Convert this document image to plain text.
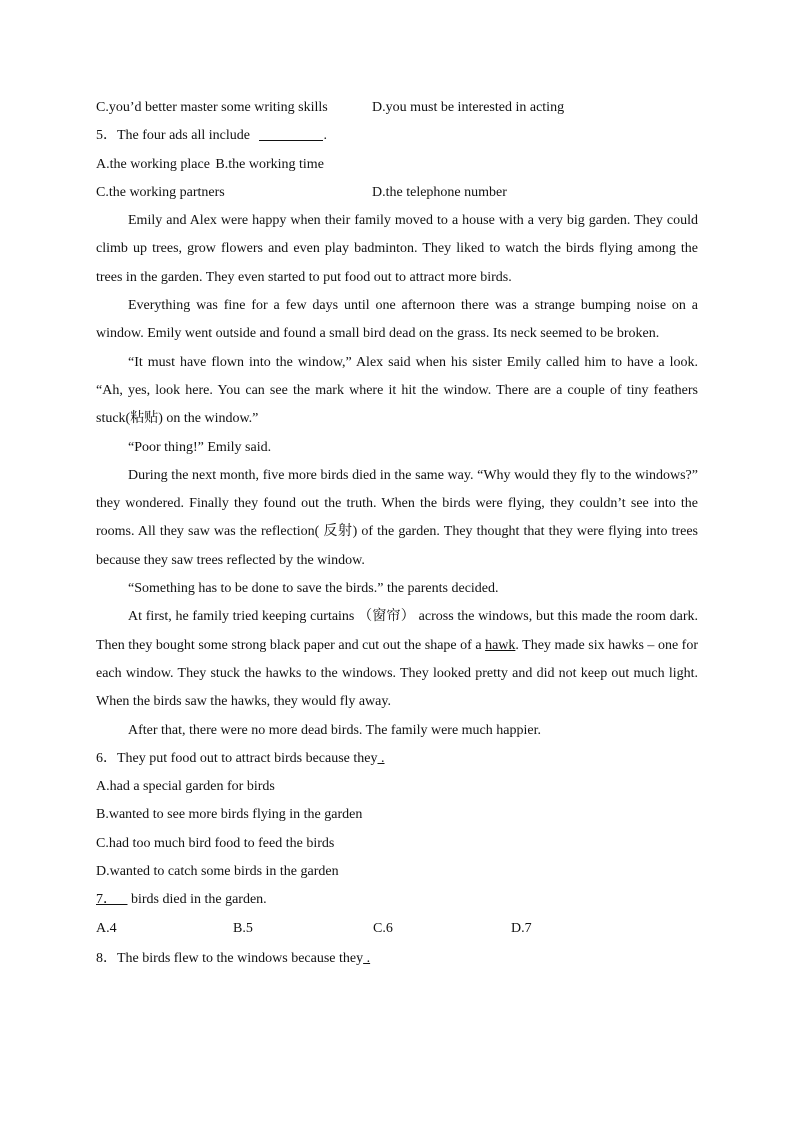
C.you’d better master some writing skills	D.you must be interested in acting
5．The four ads all include	.
A.the working place B.the working time
C.the working partners	D.the telephone number
Emily and Alex were happy when their family moved to a house with a very big garden. They could climb up trees, grow flowers and even play badminton. They liked to watch the birds flying among the trees in the garden. They even started to put food out to attract more birds.
Everything was fine for a few days until one afternoon there was a strange bumping noise on a window. Emily went outside and found a small bird dead on the grass. Its neck seemed to be broken.
“It must have flown into the window,” Alex said when his sister Emily called him to have a look. “Ah, yes, look here. You can see the mark where it hit the window. There are a couple of tiny feathers stuck(粘贴) on the window.”
“Poor thing!” Emily said.
During the next month, five more birds died in the same way. “Why would they fly to the windows?” they wondered. Finally they found out the truth. When the birds were flying, they couldn’t see into the rooms. All they saw was the reflection( 反射) of the garden. They thought that they were flying into trees because they saw trees reflected by the window.
“Something has to be done to save the birds.” the parents decided.
At first, he family tried keeping curtains （窗帘） across the windows, but this made the room dark. Then they bought some strong black paper and cut out the shape of a hawk. They made six hawks – one for each window. They stuck the hawks to the windows. They looked pretty and did not keep out much light. When the birds saw the hawks, they would fly away.
After that, there were no more dead birds. The family were much happier.
6．They put food out to attract birds because they .
A.had a special garden for birds
B.wanted to see more birds flying in the garden
C.had too much bird food to feed the birds
D.wanted to catch some birds in the garden
7．    birds died in the garden.
A.4	B.5	C.6	D.7
8．The birds flew to the windows because they .
